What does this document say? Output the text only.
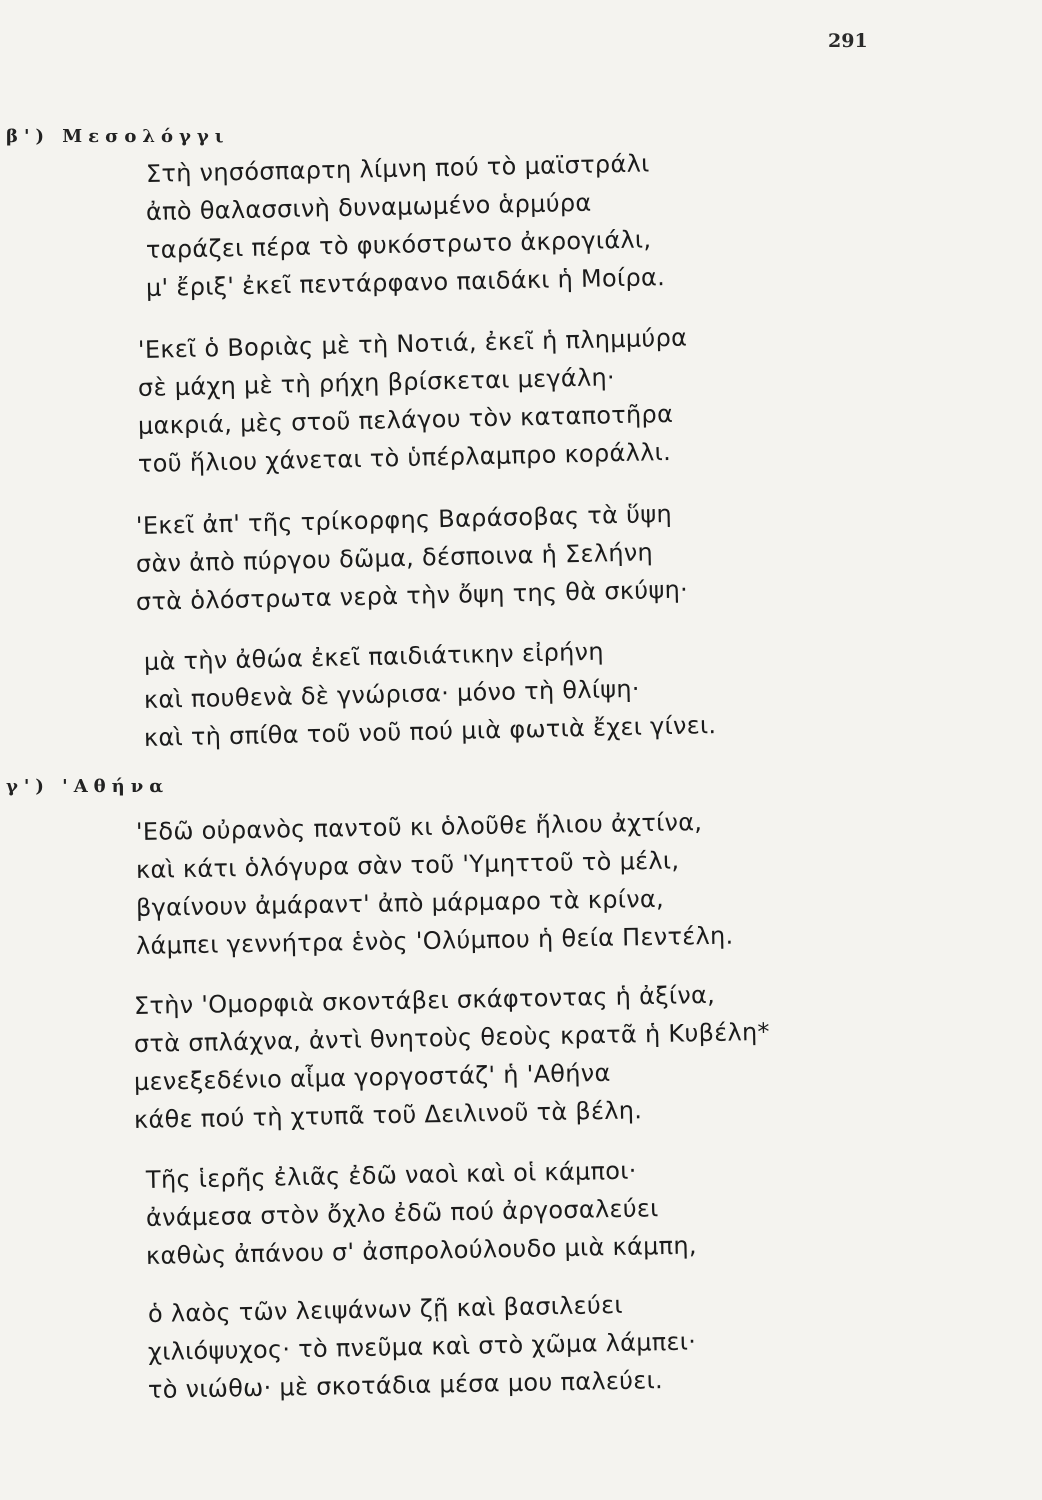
291
β') Μεσολόγγι
Στὴ νησόσπαρτη λίμνη πού τὸ μαϊστράλι
ἀπὸ θαλασσινὴ δυναμωμένο ἁρμύρα
ταράζει πέρα τὸ φυκόστρωτο ἀκρογιάλι,
μ' ἔριξ' ἐκεῖ πεντάρφανο παιδάκι ἡ Μοίρα.
'Εκεῖ ὁ Βοριὰς μὲ τὴ Νοτιά, ἐκεῖ ἡ πλημμύρα
σὲ μάχη μὲ τὴ ρήχη βρίσκεται μεγάλη·
μακριά, μὲς στοῦ πελάγου τὸν καταποτῆρα
τοῦ ἥλιου χάνεται τὸ ὑπέρλαμπρο κοράλλι.
'Εκεῖ ἀπ' τῆς τρίκορφης Βαράσοβας τὰ ὕψη
σὰν ἀπὸ πύργου δῶμα, δέσποινα ἡ Σελήνη
στὰ ὁλόστρωτα νερὰ τὴν ὄψη της θὰ σκύψη·
μὰ τὴν ἀθώα ἐκεῖ παιδιάτικην εἰρήνη
καὶ πουθενὰ δὲ γνώρισα· μόνο τὴ θλίψη·
καὶ τὴ σπίθα τοῦ νοῦ πού μιὰ φωτιὰ ἔχει γίνει.
γ') 'Αθήνα
'Εδῶ οὐρανὸς παντοῦ κι ὁλοῦθε ἥλιου ἀχτίνα,
καὶ κάτι ὁλόγυρα σὰν τοῦ 'Υμηττοῦ τὸ μέλι,
βγαίνουν ἀμάραντ' ἀπὸ μάρμαρο τὰ κρίνα,
λάμπει γεννήτρα ἑνὸς 'Ολύμπου ἡ θεία Πεντέλη.
Στὴν 'Ομορφιὰ σκοντάβει σκάφτοντας ἡ ἀξίνα,
στὰ σπλάχνα, ἀντὶ θνητοὺς θεοὺς κρατᾶ ἡ Κυβέλη*
μενεξεδένιο αἷμα γοργοστάζ' ἡ 'Αθήνα
κάθε πού τὴ χτυπᾶ τοῦ Δειλινοῦ τὰ βέλη.
Τῆς ἱερῆς ἐλιᾶς ἐδῶ ναοὶ καὶ οἱ κάμποι·
ἀνάμεσα στὸν ὄχλο ἐδῶ πού ἀργοσαλεύει
καθὼς ἀπάνου σ' ἀσπρολούλουδο μιὰ κάμπη,
ὁ λαὸς τῶν λειψάνων ζῇ καὶ βασιλεύει
χιλιόψυχος· τὸ πνεῦμα καὶ στὸ χῶμα λάμπει·
τὸ νιώθω· μὲ σκοτάδια μέσα μου παλεύει.
